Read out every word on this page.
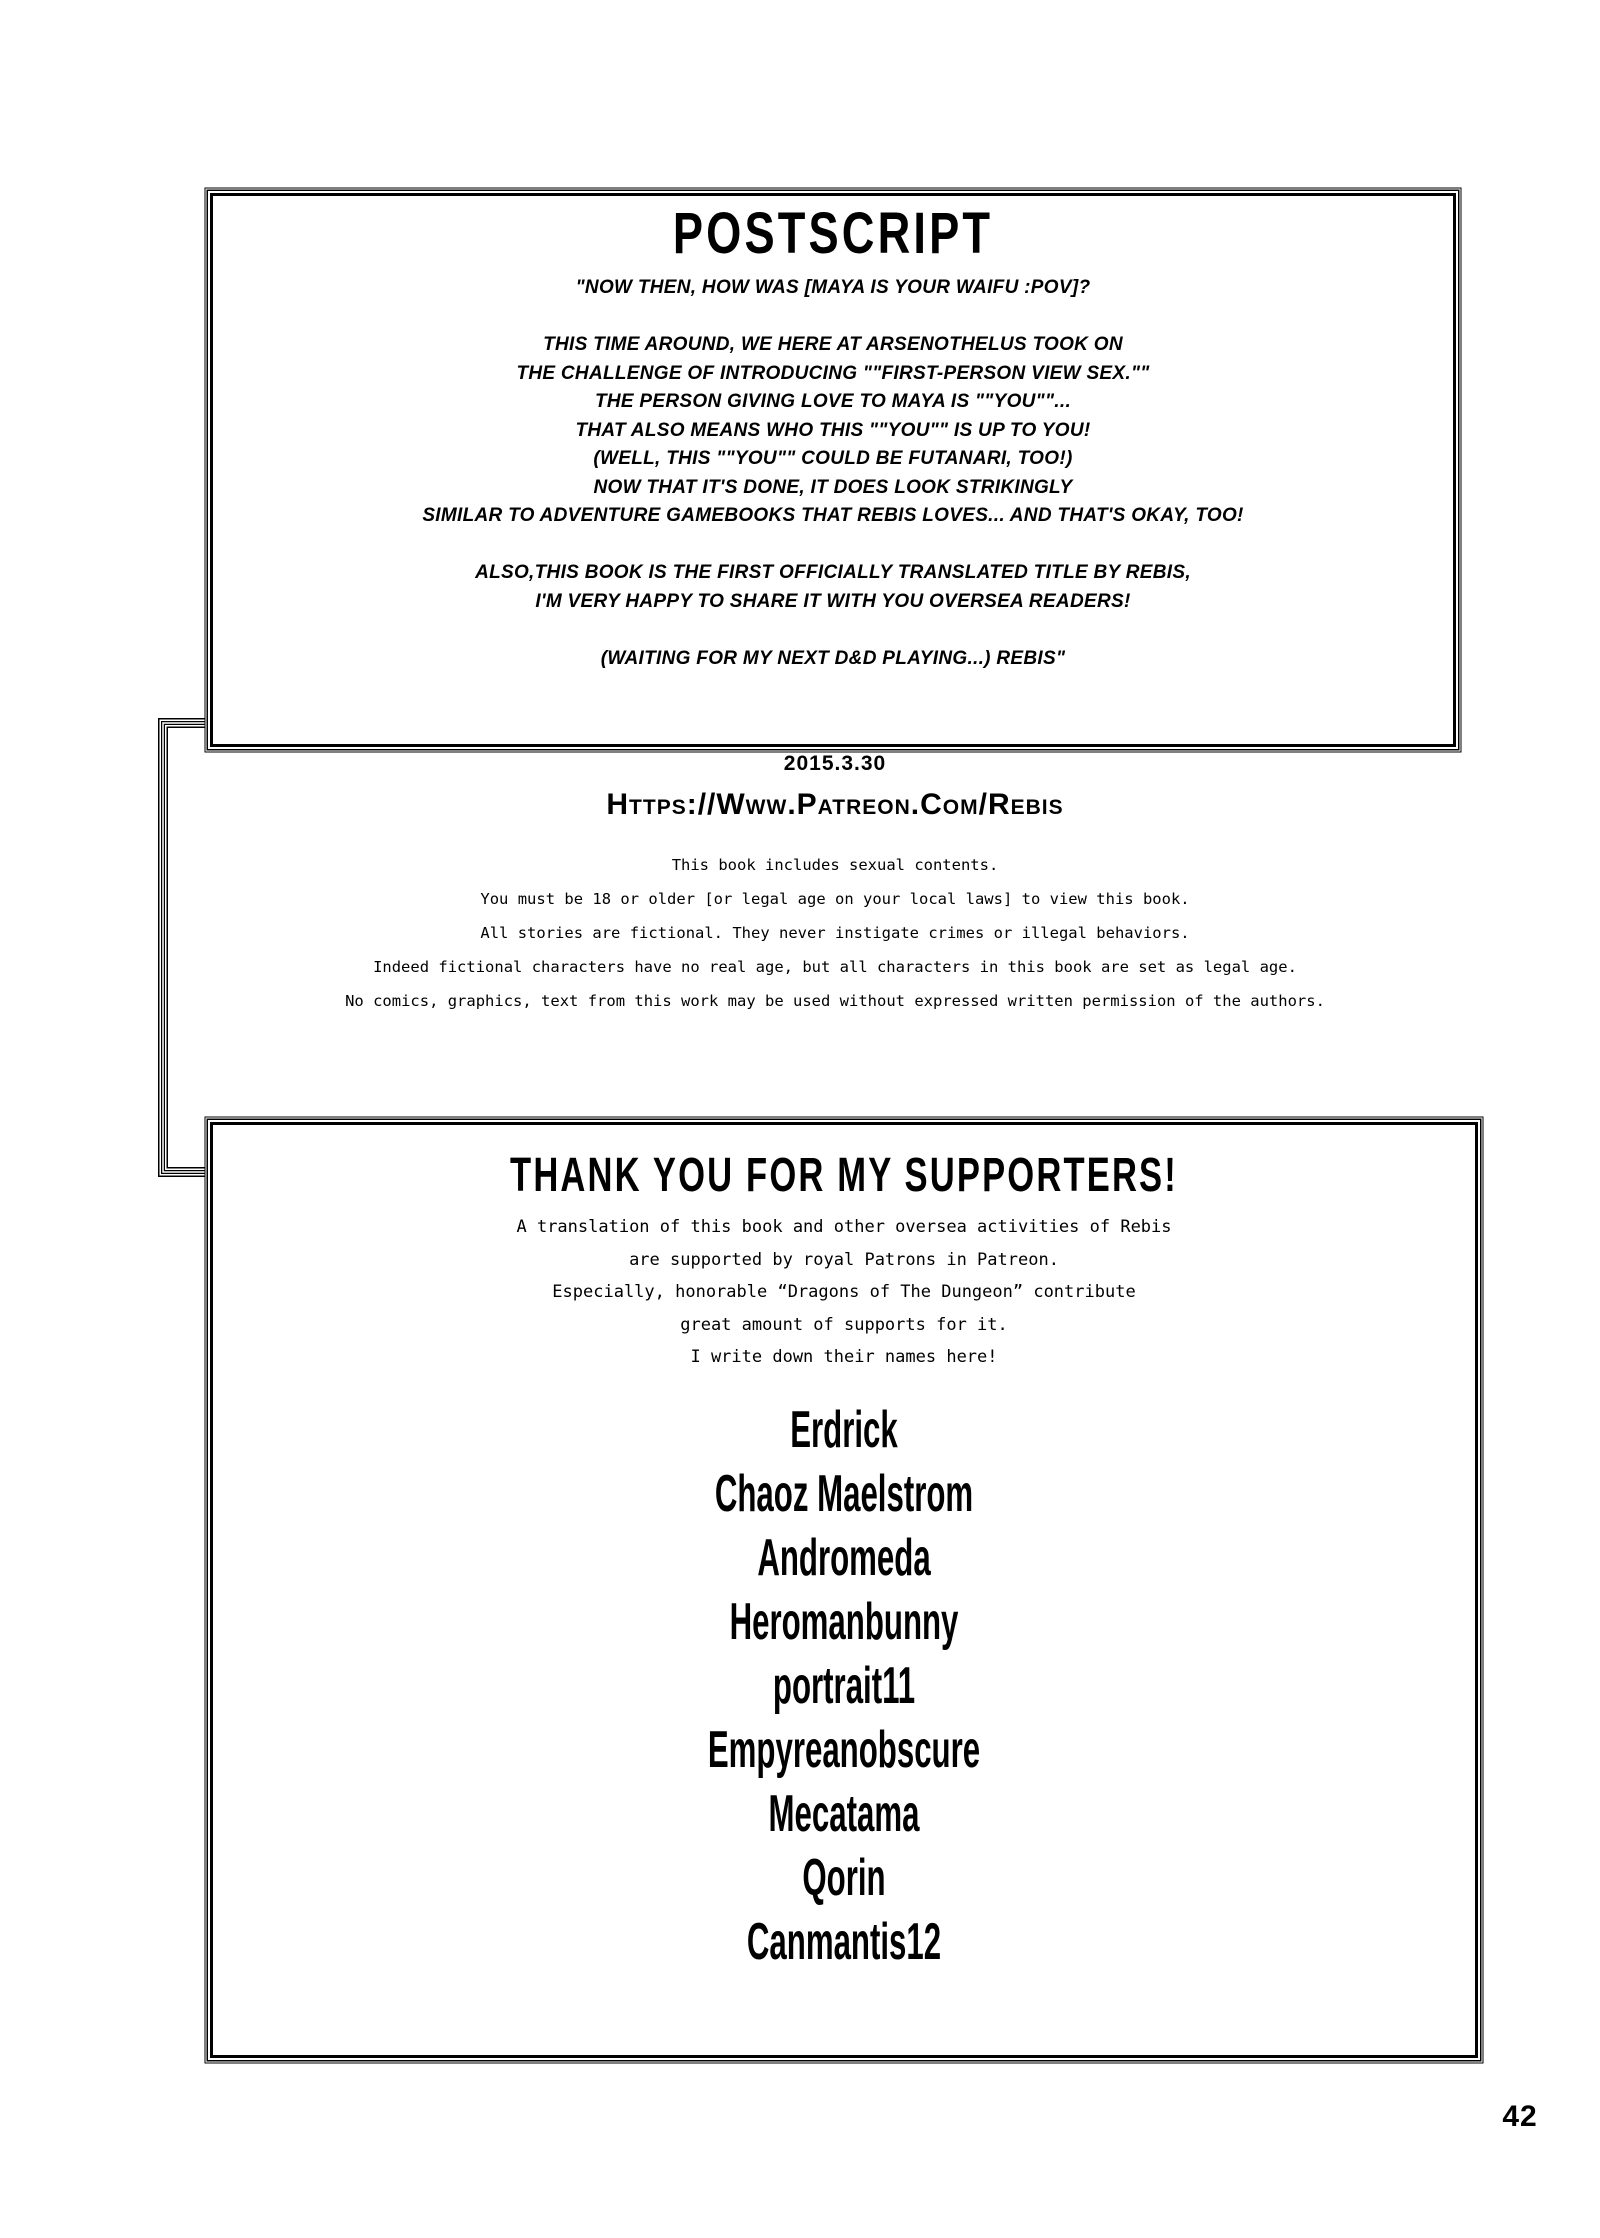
POSTSCRIPT
"NOW THEN, HOW WAS [MAYA IS YOUR WAIFU :POV]?

THIS TIME AROUND, WE HERE AT ARSENOTHELUS TOOK ON
THE CHALLENGE OF INTRODUCING ""FIRST-PERSON VIEW SEX.""
THE PERSON GIVING LOVE TO MAYA IS ""YOU""...
THAT ALSO MEANS WHO THIS ""YOU"" IS UP TO YOU!
(WELL, THIS ""YOU"" COULD BE FUTANARI, TOO!)
NOW THAT IT'S DONE, IT DOES LOOK STRIKINGLY
SIMILAR TO ADVENTURE GAMEBOOKS THAT REBIS LOVES... AND THAT'S OKAY, TOO!

ALSO,THIS BOOK IS THE FIRST OFFICIALLY TRANSLATED TITLE BY REBIS,
I'M VERY HAPPY TO SHARE IT WITH YOU OVERSEA READERS!

(WAITING FOR MY NEXT D&D PLAYING...) REBIS"
2015.3.30
Https://Www.Patreon.Com/Rebis
This book includes sexual contents.
You must be 18 or older [or legal age on your local laws] to view this book.
All stories are fictional. They never instigate crimes or illegal behaviors.
Indeed fictional characters have no real age, but all characters in this book are set as legal age.
No comics, graphics, text from this work may be used without expressed written permission of the authors.
THANK YOU FOR MY SUPPORTERS!
A translation of this book and other oversea activities of Rebis
are supported by royal Patrons in Patreon.
Especially, honorable “Dragons of The Dungeon” contribute
great amount of supports for it.
I write down their names here!
Erdrick
Chaoz Maelstrom
Andromeda
Heromanbunny
portrait11
Empyreanobscure
Mecatama
Qorin
Canmantis12
42
